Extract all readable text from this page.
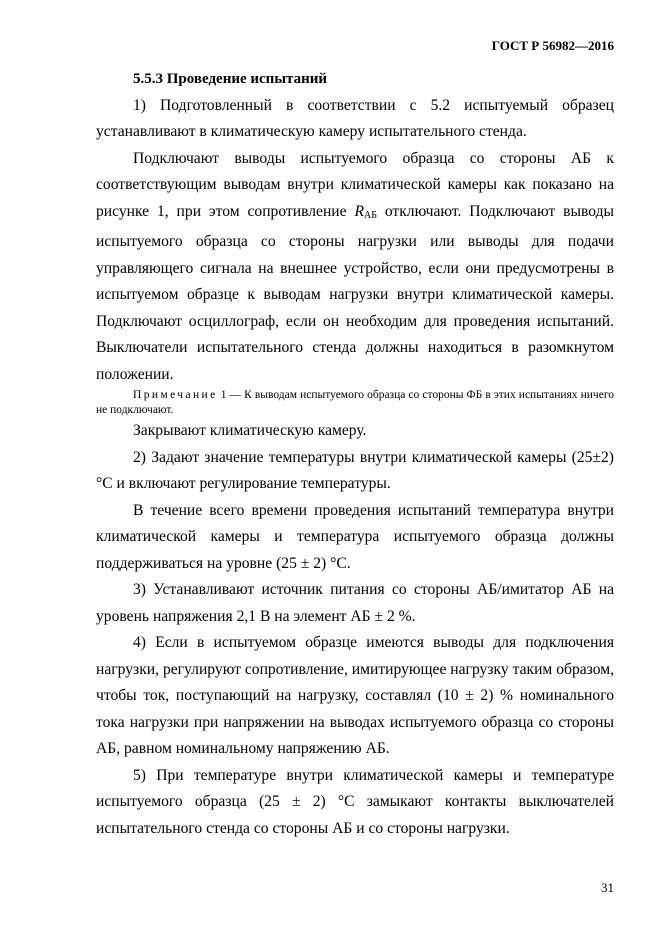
ГОСТ Р 56982—2016

5.5.3 Проведение испытаний

1) Подготовленный в соответствии с 5.2 испытуемый образец устанавливают в климатическую камеру испытательного стенда.

Подключают выводы испытуемого образца со стороны АБ к соответствующим выводам внутри климатической камеры как показано на рисунке 1, при этом сопротивление $R_{АБ}$ отключают. Подключают выводы испытуемого образца со стороны нагрузки или выводы для подачи управляющего сигнала на внешнее устройство, если они предусмотрены в испытуемом образце к выводам нагрузки внутри климатической камеры. Подключают осциллограф, если он необходим для проведения испытаний. Выключатели испытательного стенда должны находиться в разомкнутом положении.

Примечание 1 — К выводам испытуемого образца со стороны ФБ в этих испытаниях ничего не подключают.

Закрывают климатическую камеру.

2) Задают значение температуры внутри климатической камеры (25±2) °С и включают регулирование температуры.

В течение всего времени проведения испытаний температура внутри климатической камеры и температура испытуемого образца должны поддерживаться на уровне (25 ± 2) °С.

3) Устанавливают источник питания со стороны АБ/имитатор АБ на уровень напряжения 2,1 В на элемент АБ ± 2 %.

4) Если в испытуемом образце имеются выводы для подключения нагрузки, регулируют сопротивление, имитирующее нагрузку таким образом, чтобы ток, поступающий на нагрузку, составлял (10 ± 2) % номинального тока нагрузки при напряжении на выводах испытуемого образца со стороны АБ, равном номинальному напряжению АБ.

5) При температуре внутри климатической камеры и температуре испытуемого образца (25 ± 2) °С замыкают контакты выключателей испытательного стенда со стороны АБ и со стороны нагрузки.

31
